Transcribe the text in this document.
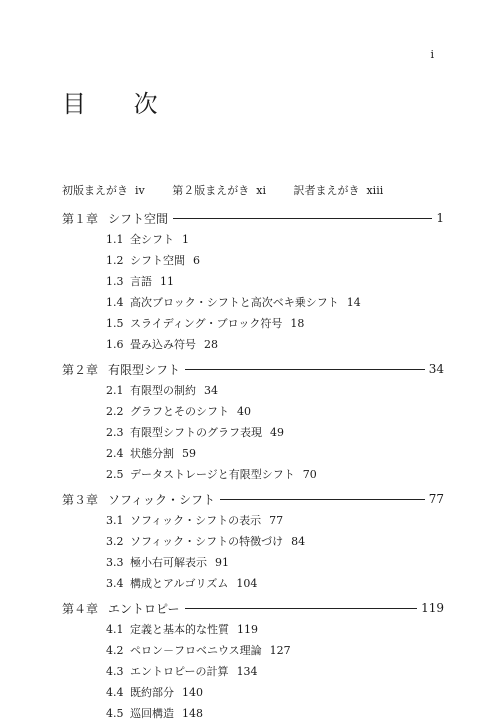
i
目 次
初版まえがき iv	第２版まえがき xi	訳者まえがき xiii
第１章 シフト空間	1
1.1 全シフト 1
1.2 シフト空間 6
1.3 言語 11
1.4 高次ブロック・シフトと高次ベキ乗シフト 14
1.5 スライディング・ブロック符号 18
1.6 畳み込み符号 28
第２章 有限型シフト	34
2.1 有限型の制約 34
2.2 グラフとそのシフト 40
2.3 有限型シフトのグラフ表現 49
2.4 状態分割 59
2.5 データストレージと有限型シフト 70
第３章 ソフィック・シフト	77
3.1 ソフィック・シフトの表示 77
3.2 ソフィック・シフトの特徴づけ 84
3.3 極小右可解表示 91
3.4 構成とアルゴリズム 104
第４章 エントロピー	119
4.1 定義と基本的な性質 119
4.2 ペロン－フロベニウス理論 127
4.3 エントロピーの計算 134
4.4 既約部分 140
4.5 巡回構造 148
